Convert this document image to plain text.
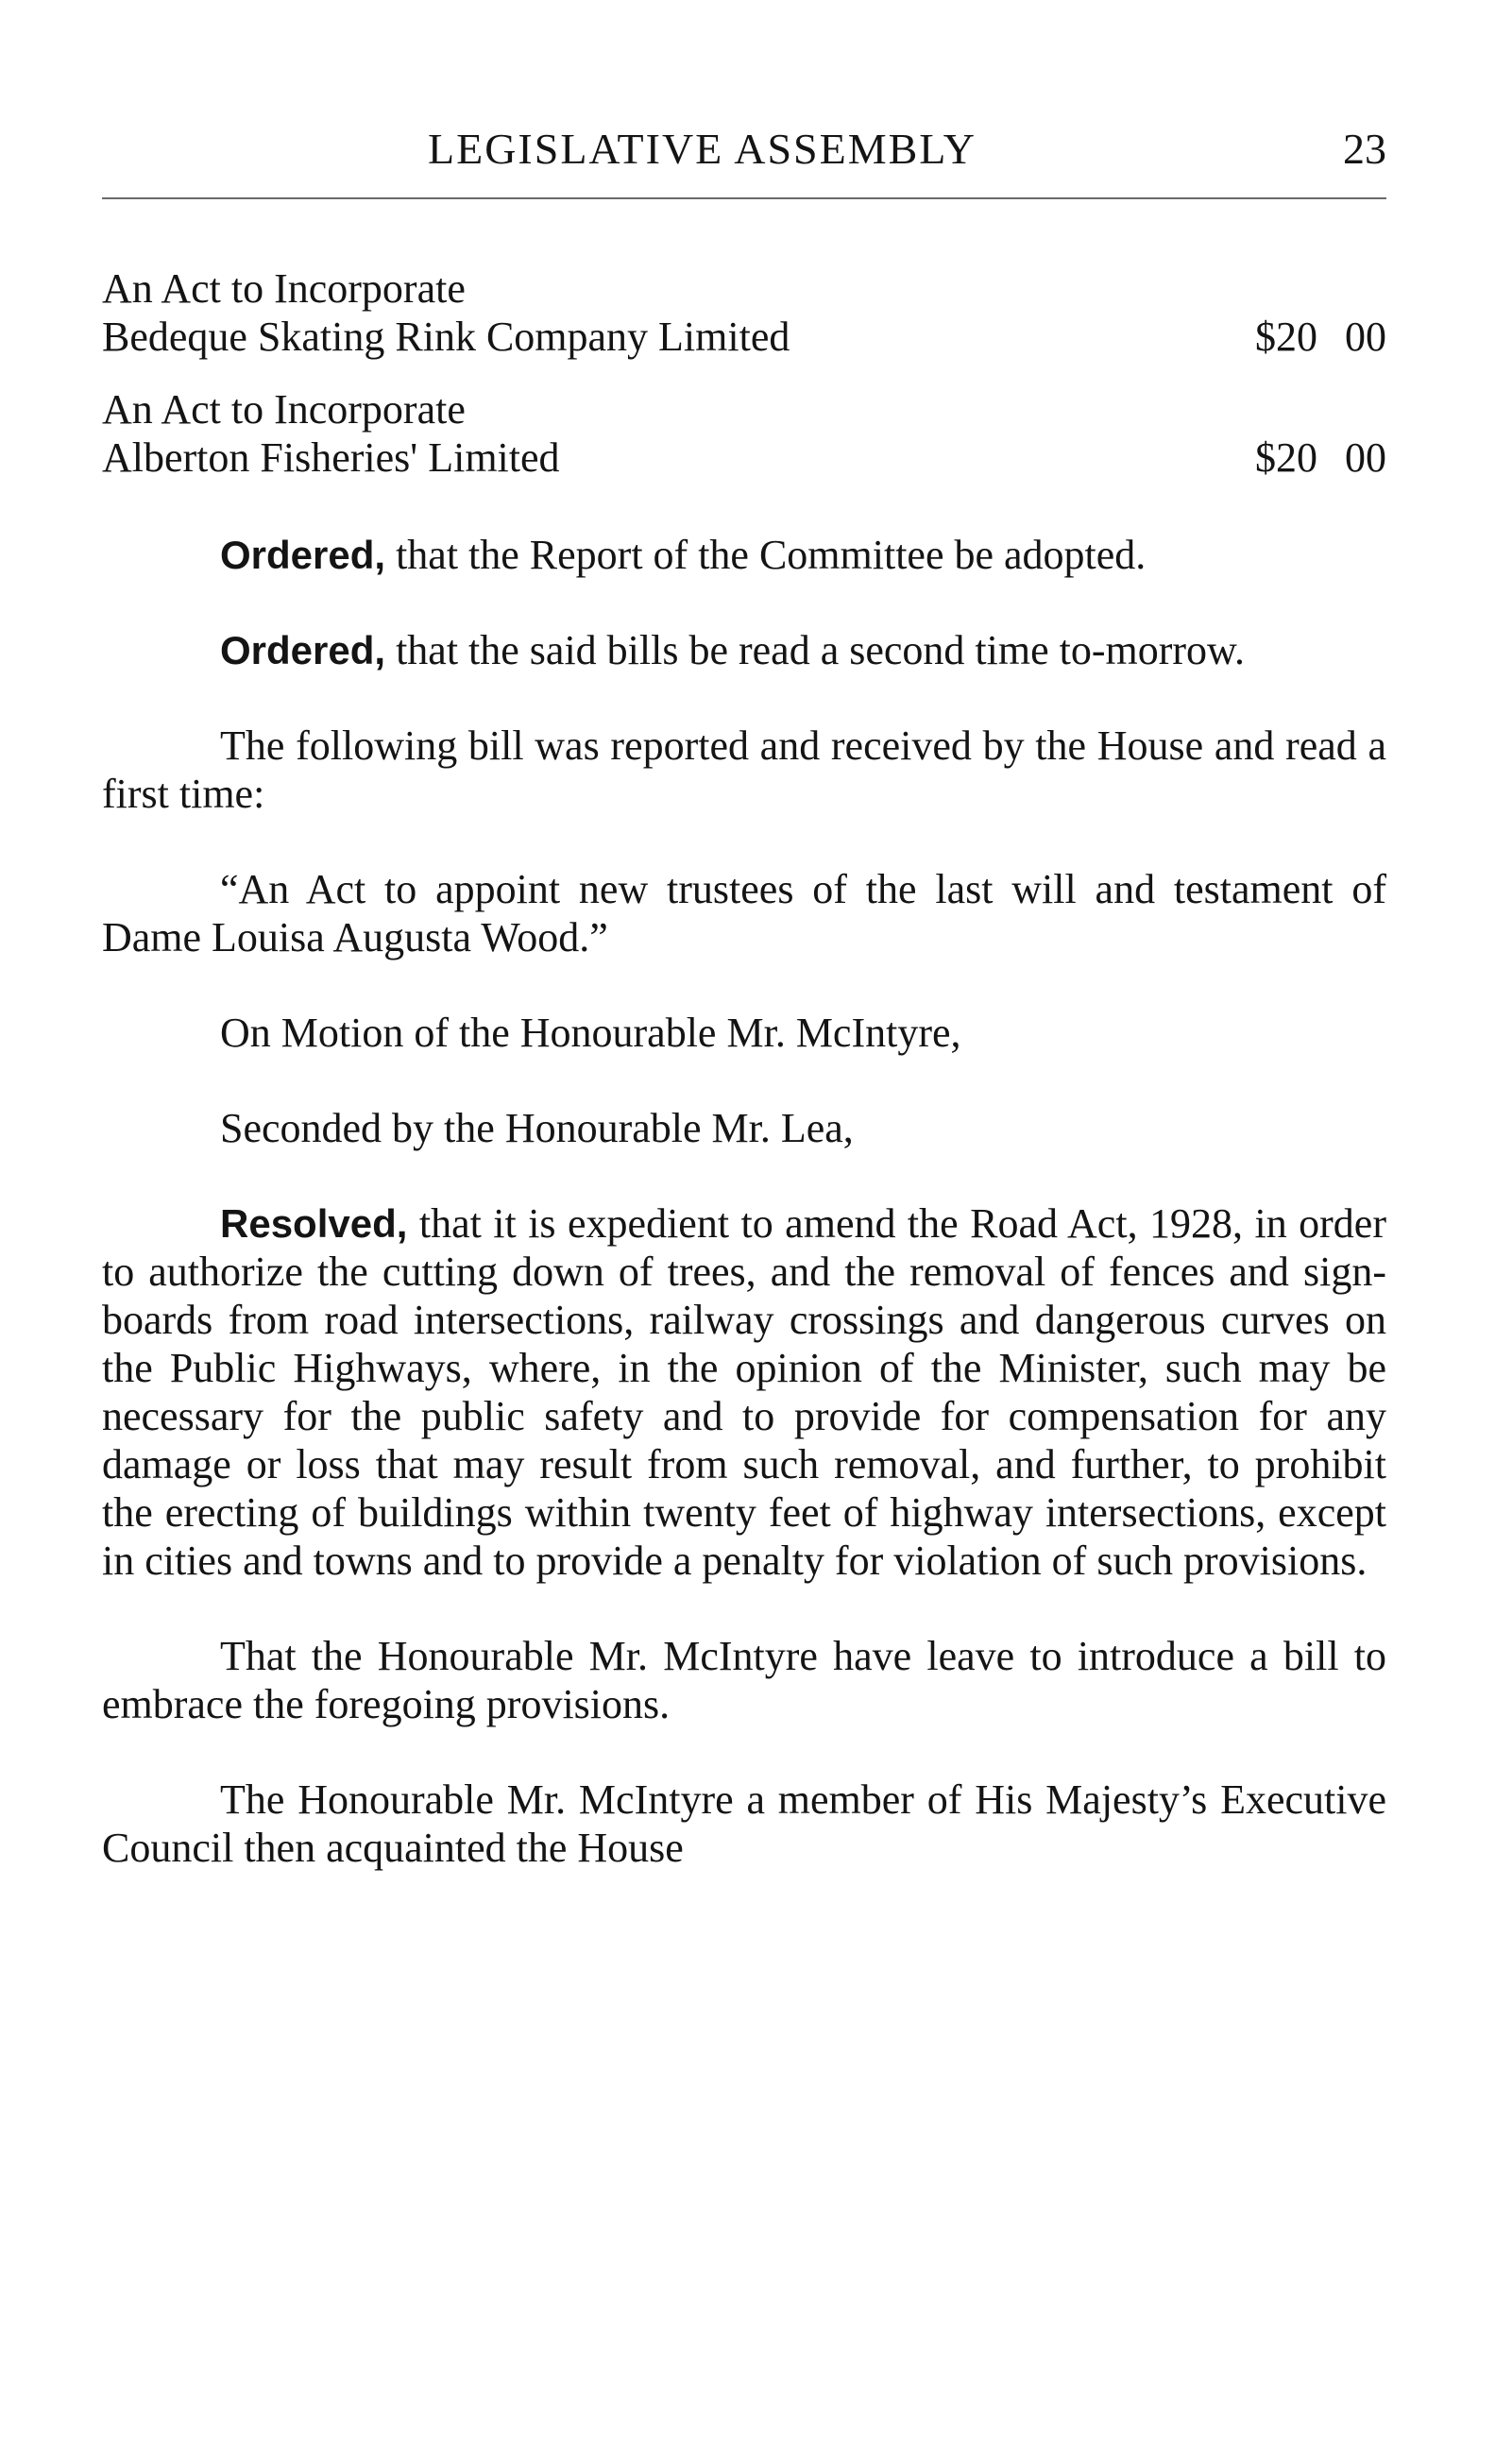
LEGISLATIVE ASSEMBLY	23
An Act to Incorporate
Bedeque Skating Rink Company Limited	$20 00
An Act to Incorporate
Alberton Fisheries' Limited	$20 00

Ordered, that the Report of the Committee be adopted.

Ordered, that the said bills be read a second time to-morrow.

The following bill was reported and received by the House and read a first time:

“An Act to appoint new trustees of the last will and testament of Dame Louisa Augusta Wood.”

On Motion of the Honourable Mr. McIntyre,

Seconded by the Honourable Mr. Lea,

Resolved, that it is expedient to amend the Road Act, 1928, in order to authorize the cutting down of trees, and the removal of fences and sign-boards from road intersections, railway crossings and dangerous curves on the Public Highways, where, in the opinion of the Minister, such may be necessary for the public safety and to provide for compensation for any damage or loss that may result from such removal, and further, to prohibit the erecting of buildings within twenty feet of highway intersections, except in cities and towns and to provide a penalty for violation of such provisions.

That the Honourable Mr. McIntyre have leave to introduce a bill to embrace the foregoing provisions.

The Honourable Mr. McIntyre a member of His Majesty’s Executive Council then acquainted the House
